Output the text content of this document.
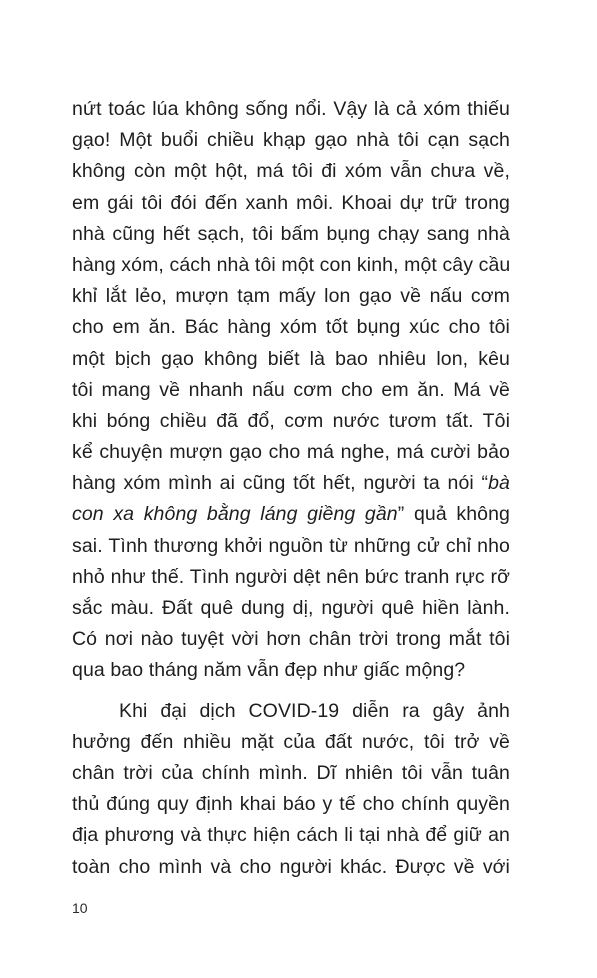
nứt toác lúa không sống nổi. Vậy là cả xóm thiếu
gạo! Một buổi chiều khạp gạo nhà tôi cạn sạch
không còn một hột, má tôi đi xóm vẫn chưa về,
em gái tôi đói đến xanh môi. Khoai dự trữ trong
nhà cũng hết sạch, tôi bấm bụng chạy sang nhà
hàng xóm, cách nhà tôi một con kinh, một cây cầu
khỉ lắt lẻo, mượn tạm mấy lon gạo về nấu cơm
cho em ăn. Bác hàng xóm tốt bụng xúc cho tôi
một bịch gạo không biết là bao nhiêu lon, kêu
tôi mang về nhanh nấu cơm cho em ăn. Má về
khi bóng chiều đã đổ, cơm nước tươm tất. Tôi
kể chuyện mượn gạo cho má nghe, má cười bảo
hàng xóm mình ai cũng tốt hết, người ta nói “bà
con xa không bằng láng giềng gần” quả không
sai. Tình thương khởi nguồn từ những cử chỉ nho
nhỏ như thế. Tình người dệt nên bức tranh rực rỡ
sắc màu. Đất quê dung dị, người quê hiền lành.
Có nơi nào tuyệt vời hơn chân trời trong mắt tôi
qua bao tháng năm vẫn đẹp như giấc mộng?
Khi đại dịch COVID-19 diễn ra gây ảnh
hưởng đến nhiều mặt của đất nước, tôi trở về
chân trời của chính mình. Dĩ nhiên tôi vẫn tuân
thủ đúng quy định khai báo y tế cho chính quyền
địa phương và thực hiện cách li tại nhà để giữ an
toàn cho mình và cho người khác. Được về với
10
